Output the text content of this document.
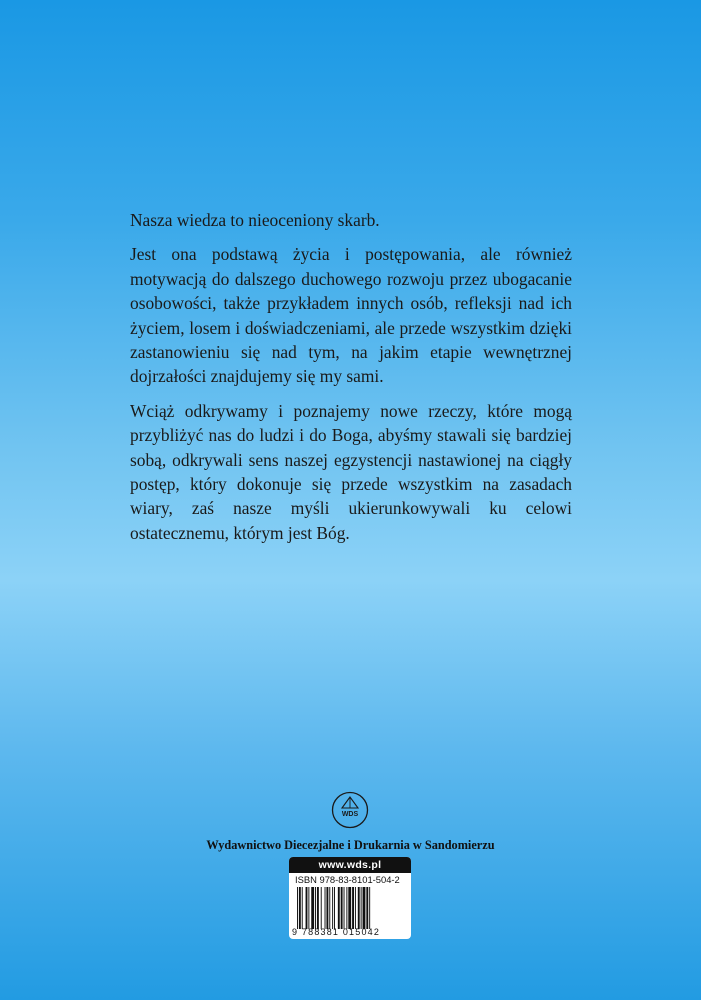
Nasza wiedza to nieoceniony skarb.

Jest ona podstawą życia i postępowania, ale również motywacją do dalszego duchowego rozwoju przez ubogacanie osobowości, także przykładem innych osób, refleksji nad ich życiem, losem i doświadczeniami, ale przede wszystkim dzięki zastanowieniu się nad tym, na jakim etapie wewnętrznej dojrzałości znajdujemy się my sami.

Wciąż odkrywamy i poznajemy nowe rzeczy, które mogą przybliżyć nas do ludzi i do Boga, abyśmy stawali się bardziej sobą, odkrywali sens naszej egzystencji nastawionej na ciągły postęp, który dokonuje się przede wszystkim na zasadach wiary, zaś nasze myśli ukierunkowywali ku celowi ostatecznemu, którym jest Bóg.

WDS
Wydawnictwo Diecezjalne i Drukarnia w Sandomierzu
www.wds.pl
ISBN 978-83-8101-504-2
9 788381 015042
